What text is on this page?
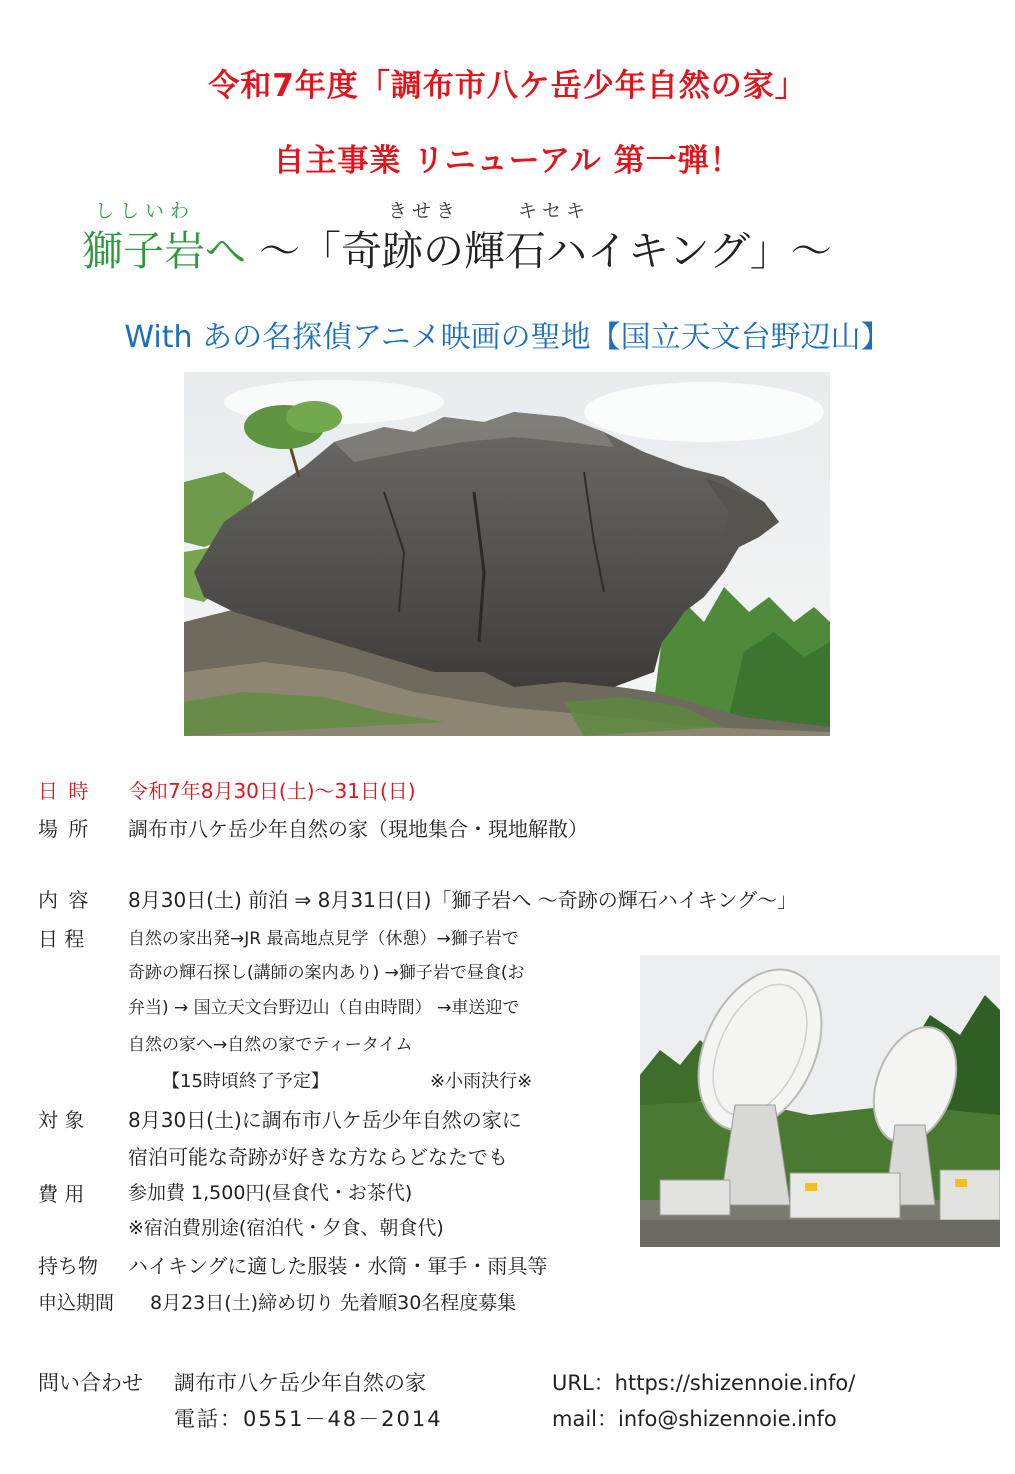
令和7年度「調布市八ケ岳少年自然の家」
自主事業 リニューアル 第一弾！
ししいわ	きせき	キセキ
獅子岩へ ～「奇跡の輝石ハイキング」～
With あの名探偵アニメ映画の聖地【国立天文台野辺山】
日 時 令和7年8月30日(土)～31日(日)
場 所 調布市八ケ岳少年自然の家（現地集合・現地解散）
内 容 8月30日(土) 前泊 ⇒ 8月31日(日)「獅子岩へ ～奇跡の輝石ハイキング～」
日 程	自然の家出発→JR 最高地点見学（休憩）→獅子岩で
奇跡の輝石探し(講師の案内あり) →獅子岩で昼食(お
弁当) → 国立天文台野辺山（自由時間） →車送迎で
自然の家へ→自然の家でティータイム
【15時頃終了予定】	※小雨決行※
対 象 8月30日(土)に調布市八ケ岳少年自然の家に
宿泊可能な奇跡が好きな方ならどなたでも
費 用 参加費 1,500円(昼食代・お茶代)
※宿泊費別途(宿泊代・夕食、朝食代)
持ち物 ハイキングに適した服装・水筒・軍手・雨具等
申込期間 8月23日(土)締め切り 先着順30名程度募集
問い合わせ 調布市八ケ岳少年自然の家
電話：0551－48－2014
URL：https://shizennoie.info/
mail：info@shizennoie.info
